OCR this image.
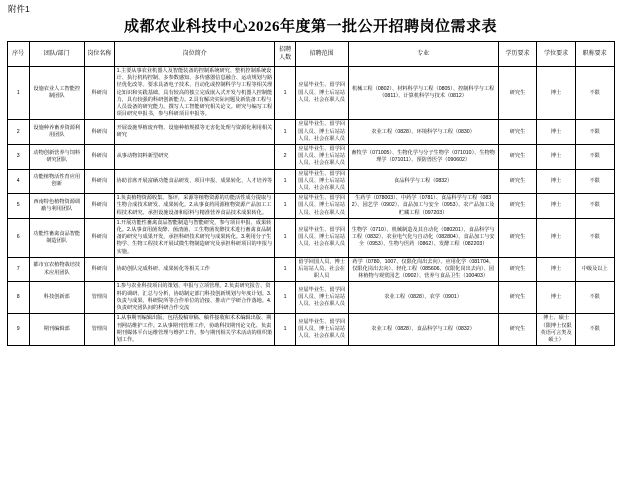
附件1
成都农业科技中心2026年度第一批公开招聘岗位需求表
序号	团队/部门	岗位名称	岗位简介	招聘人数	招聘范围	专业	学历要求	学位要求	职称要求
1	设施农业人工智能控制团队	科研岗	1.主要从事农业机器人及智能装备的控制系统研究、整机控制系统设计、执行机构控制、多参数感知、多传感器信息融合、运动规划与路径优化改等。要求具备电子技术、自动化或控制科学与工程等相关理论知识和实践基础，具有较高的独立完成嵌入式开发与机器人控制能力，具有较强的科研创新能力。2.具有解决实际问题及新装备工程与人员设备的研究能力。撰写人工智能研究相关论文。研究与编写工程项目研究申报书，参与科研项目申报等。	1	应届毕业生、留学回国人员、博士后站站人员、社会在职人员	机械工程（0802）、材料科学与工程（0805）、控制科学与工程（0811）、计算机科学与技术（0812）	研究生	博士	不限
2	设施种养畜养资源利用团队	科研岗	开展设施界植废弃物、设施种植规摸等无害化处理与资源化利用相关研究	1	应届毕业生、留学回国人员、博士后站站人员、社会在职人员	农业工程（0828）、环境科学与工程（0830）	研究生	博士	不限
3	动物创新营养与饲料研究团队	科研岗	从事动物饲料新型研究	2	应届毕业生、留学回国人员、博士后站站人员、社会在职人员	畜牧学（071005）、生物化学与分子生物学（071010）、生物物理学（071011）、预防兽医学（090602）	研究生	博士	不限
4	功能植物活性育应用创新	科研岗	协助首席开展富硒功能食品研发、项目申报、成果转化、人才培养等	1	应届毕业生、留学回国人员、博士后站站人员、社会在职人员	食品科学与工程（0832）	研究生	博士	不限
5	西南特色植物资源调蔽与利用团队	科研岗	1.负责植物资源收集、鉴评，采源等植物资源的功能活性成分提取与生物合成技术研发、成果转化。2.从事食药同源植物资源产品加工工程技术研究、承担设施设备和原料与精准营养食品技术成果转化。	1	应届毕业生、留学回国人员、博士后站站人员、社会在职人员	生药学（078003）、中药学（0781）、食品科学与工程（0832）、园艺学（0902）、食品加工与安全（0953）、农产品加工及贮藏工程（097203）	研究生	博士	不限
6	功能性畜禽食品智能制造团队	科研岗	1.开展功能性畜禽食品智能制造与智能研究，参与项目申报、成果转化。2.从事食用菌发酵、菌渣菌、工生物菌发酵技术进行畜禽食品制备的研究与成果开发，承担科研技术研究与成果转化。3.利用分子生物学、生物工程技术开展试微生物制造研究及承担科研项目的申报与实施。	1	应届毕业生、留学回国人员、博士后站站人员、社会在职人员	生物学（0710）、机械制造及其自动化（080201）、食品科学与工程（0832）、农业电气化与自动化（082804）、食品加工与安全（0953）、生物与医药（0862）、发酵工程（082203）	研究生	博士	不限
7	都市宜农植物栽培技术应用团队	科研岗	协助创队完成科研、成果转化等相关工作	1	留学回国人员、博士后站站人员、社会在职人员	药学（0780、1007、仅限化岗出去向）、应用化学（081704、仅限化岗出去向）、轻化工程（085606、仅限化岗出去向）、园林植物与观赏园艺（0902）、营养与食品卫生（100403）	研究生	博士	中级及以上
8	科技创新部	管理岗	1.参与农业科技项目的策划、申报与立项管理。2.负责研究报告、资料的调研、汇总与分析，协助制定部门科技创新规划与年度计划。3.负责与成果、科研院所等合作单位的洽接、推动产学研合作落地。4.负责研究团队间的科研合作交流	1	应届毕业生、留学回国人员、博士后站站人员、社会在职人员	农业工程（0828）、农学（0901）	研究生	博士	不限
9	期刊编辑部	管理岗	1.从事期刊编辑出版、包括投稿审稿、稿件接收和术术编辑出版、期刊网站维护工作。2.从事期刊管理工作，协助科技期刊论文化、负责期刊媒体平台运维管理与维护工作。参与期刊相关学术活动的组织策划工作。	1	应届毕业生、留学回国人员、博士后站站人员、社会在职人员	农业工程（0828）、食品科学与工程（0832）	研究生	博士、硕士（限博士仅限英语可言类及硕士）	不限
